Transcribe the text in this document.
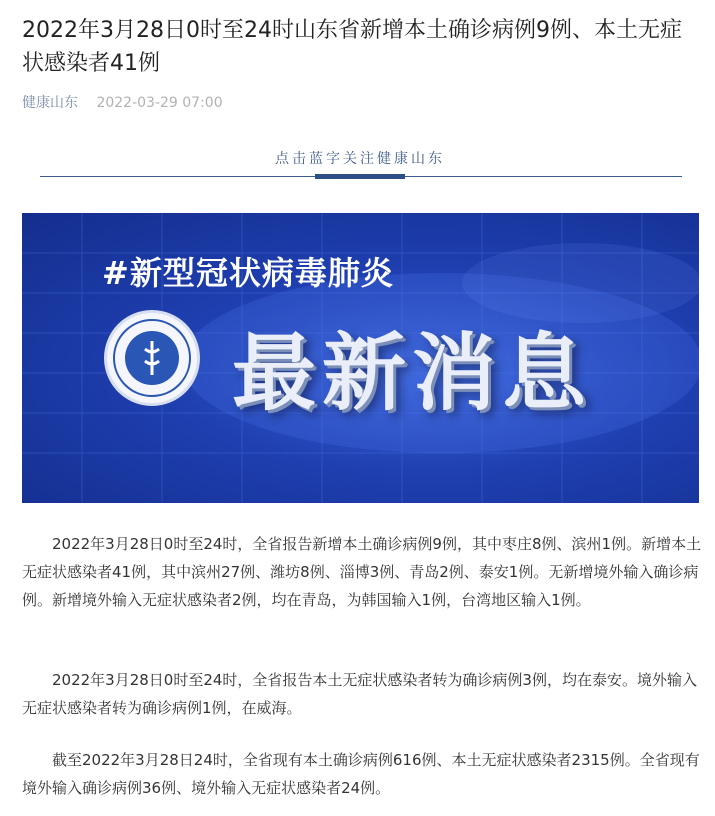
2022年3月28日0时至24时山东省新增本土确诊病例9例、本土无症状感染者41例
健康山东 2022-03-29 07:00
点击蓝字关注健康山东
#新型冠状病毒肺炎
最新消息

2022年3月28日0时至24时，全省报告新增本土确诊病例9例，其中枣庄8例、滨州1例。新增本土无症状感染者41例，其中滨州27例、潍坊8例、淄博3例、青岛2例、泰安1例。无新增境外输入确诊病例。新增境外输入无症状感染者2例，均在青岛，为韩国输入1例，台湾地区输入1例。

2022年3月28日0时至24时，全省报告本土无症状感染者转为确诊病例3例，均在泰安。境外输入无症状感染者转为确诊病例1例，在威海。

截至2022年3月28日24时，全省现有本土确诊病例616例、本土无症状感染者2315例。全省现有境外输入确诊病例36例、境外输入无症状感染者24例。
